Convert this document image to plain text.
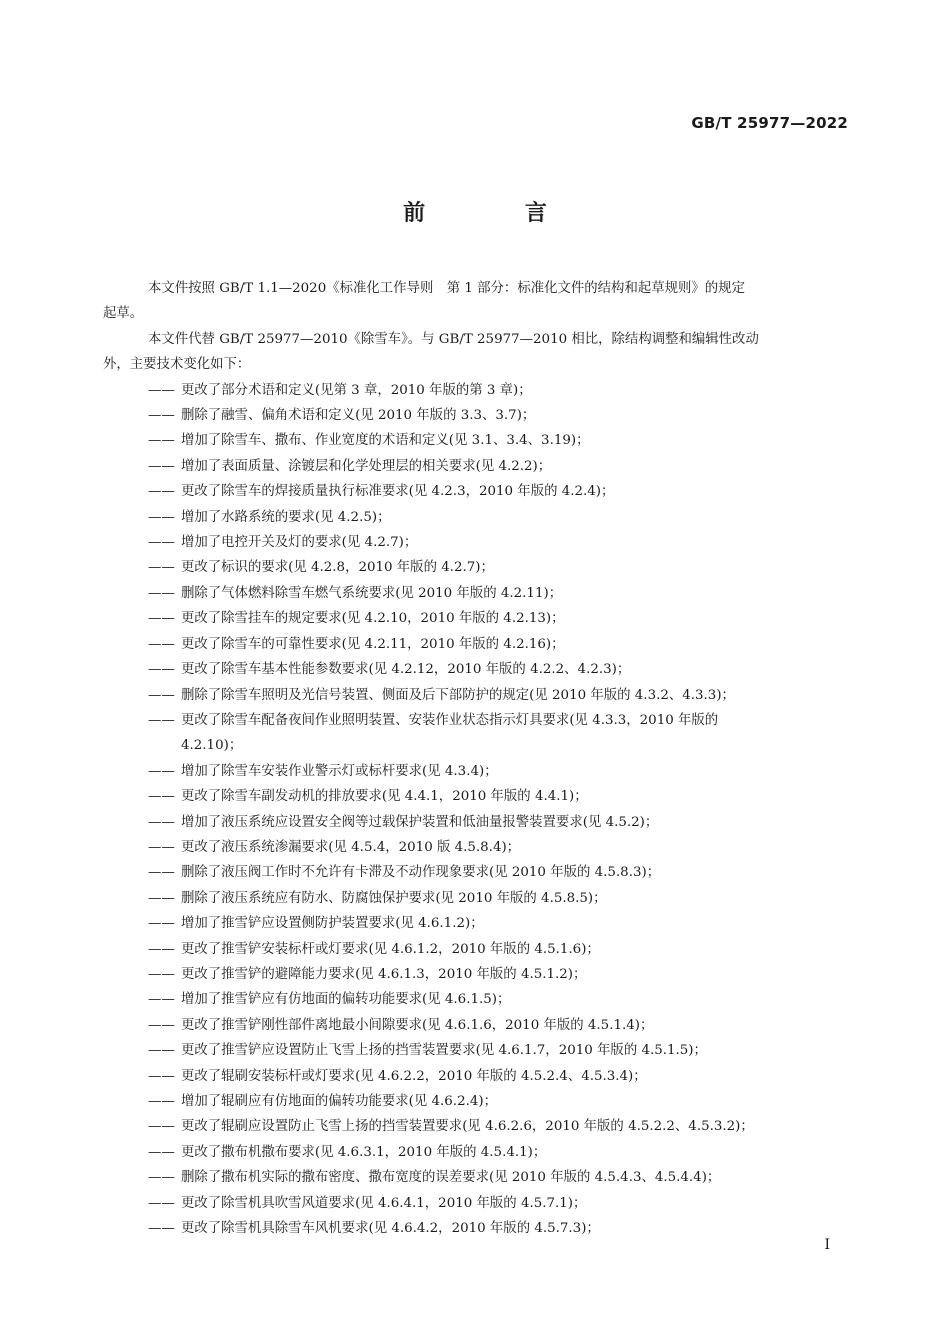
GB/T 25977—2022
前 言

本文件按照 GB/T 1.1—2020《标准化工作导则　第 1 部分：标准化文件的结构和起草规则》的规定
起草。

本文件代替 GB/T 25977—2010《除雪车》。与 GB/T 25977—2010 相比，除结构调整和编辑性改动
外，主要技术变化如下：

—— 更改了部分术语和定义(见第 3 章，2010 年版的第 3 章)；

—— 删除了融雪、偏角术语和定义(见 2010 年版的 3.3、3.7)；

—— 增加了除雪车、撒布、作业宽度的术语和定义(见 3.1、3.4、3.19)；

—— 增加了表面质量、涂镀层和化学处理层的相关要求(见 4.2.2)；

—— 更改了除雪车的焊接质量执行标准要求(见 4.2.3，2010 年版的 4.2.4)；

—— 增加了水路系统的要求(见 4.2.5)；

—— 增加了电控开关及灯的要求(见 4.2.7)；

—— 更改了标识的要求(见 4.2.8，2010 年版的 4.2.7)；

—— 删除了气体燃料除雪车燃气系统要求(见 2010 年版的 4.2.11)；

—— 更改了除雪挂车的规定要求(见 4.2.10，2010 年版的 4.2.13)；

—— 更改了除雪车的可靠性要求(见 4.2.11，2010 年版的 4.2.16)；

—— 更改了除雪车基本性能参数要求(见 4.2.12，2010 年版的 4.2.2、4.2.3)；

—— 删除了除雪车照明及光信号装置、侧面及后下部防护的规定(见 2010 年版的 4.3.2、4.3.3)；

—— 更改了除雪车配备夜间作业照明装置、安装作业状态指示灯具要求(见 4.3.3，2010 年版的
4.2.10)；

—— 增加了除雪车安装作业警示灯或标杆要求(见 4.3.4)；

—— 更改了除雪车副发动机的排放要求(见 4.4.1，2010 年版的 4.4.1)；

—— 增加了液压系统应设置安全阀等过载保护装置和低油量报警装置要求(见 4.5.2)；

—— 更改了液压系统渗漏要求(见 4.5.4，2010 版 4.5.8.4)；

—— 删除了液压阀工作时不允许有卡滞及不动作现象要求(见 2010 年版的 4.5.8.3)；

—— 删除了液压系统应有防水、防腐蚀保护要求(见 2010 年版的 4.5.8.5)；

—— 增加了推雪铲应设置侧防护装置要求(见 4.6.1.2)；

—— 更改了推雪铲安装标杆或灯要求(见 4.6.1.2，2010 年版的 4.5.1.6)；

—— 更改了推雪铲的避障能力要求(见 4.6.1.3，2010 年版的 4.5.1.2)；

—— 增加了推雪铲应有仿地面的偏转功能要求(见 4.6.1.5)；

—— 更改了推雪铲刚性部件离地最小间隙要求(见 4.6.1.6，2010 年版的 4.5.1.4)；

—— 更改了推雪铲应设置防止飞雪上扬的挡雪装置要求(见 4.6.1.7，2010 年版的 4.5.1.5)；

—— 更改了辊刷安装标杆或灯要求(见 4.6.2.2，2010 年版的 4.5.2.4、4.5.3.4)；

—— 增加了辊刷应有仿地面的偏转功能要求(见 4.6.2.4)；

—— 更改了辊刷应设置防止飞雪上扬的挡雪装置要求(见 4.6.2.6，2010 年版的 4.5.2.2、4.5.3.2)；

—— 更改了撒布机撒布要求(见 4.6.3.1，2010 年版的 4.5.4.1)；

—— 删除了撒布机实际的撒布密度、撒布宽度的误差要求(见 2010 年版的 4.5.4.3、4.5.4.4)；

—— 更改了除雪机具吹雪风道要求(见 4.6.4.1，2010 年版的 4.5.7.1)；

—— 更改了除雪机具除雪车风机要求(见 4.6.4.2，2010 年版的 4.5.7.3)；

I
